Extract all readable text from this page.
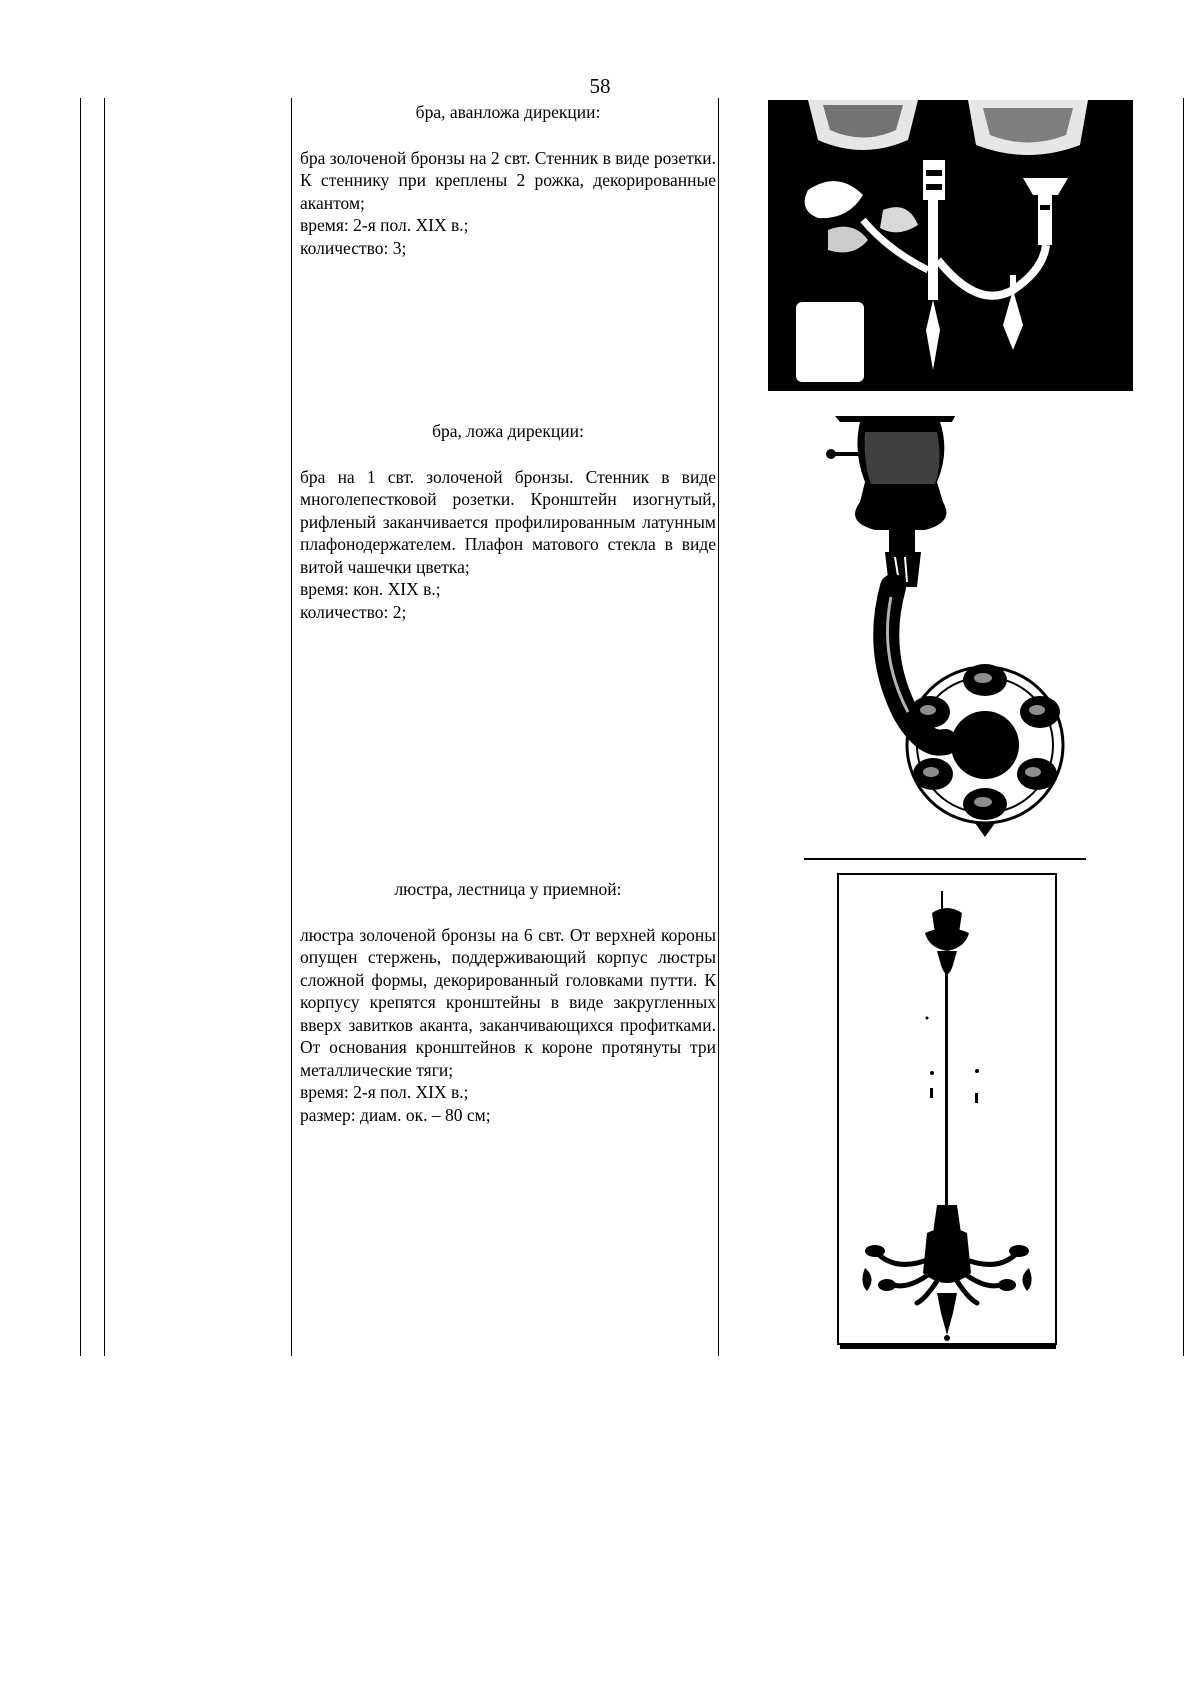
58
бра, аванложа дирекции:
бра золоченой бронзы на 2 свт. Стенник в виде розетки. К стеннику при креплены 2 рожка, декорированные акантом;
время: 2-я пол. XIX в.;
количество: 3;
бра, ложа дирекции:
бра на 1 свт. золоченой бронзы. Стенник в виде многолепестковой розетки. Кронштейн изогнутый, рифленый заканчивается профилированным латунным плафонодержателем. Плафон матового стекла в виде витой чашечки цветка;
время: кон. XIX в.;
количество: 2;
люстра, лестница у приемной:
люстра золоченой бронзы на 6 свт. От верхней короны опущен стержень, поддерживающий корпус люстры сложной формы, декорированный головками путти. К корпусу крепятся кронштейны в виде закругленных вверх завитков аканта, заканчивающихся профитками. От основания кронштейнов к короне протянуты три металлические тяги;
время: 2-я пол. XIX в.;
размер: диам. ок. – 80 см;
